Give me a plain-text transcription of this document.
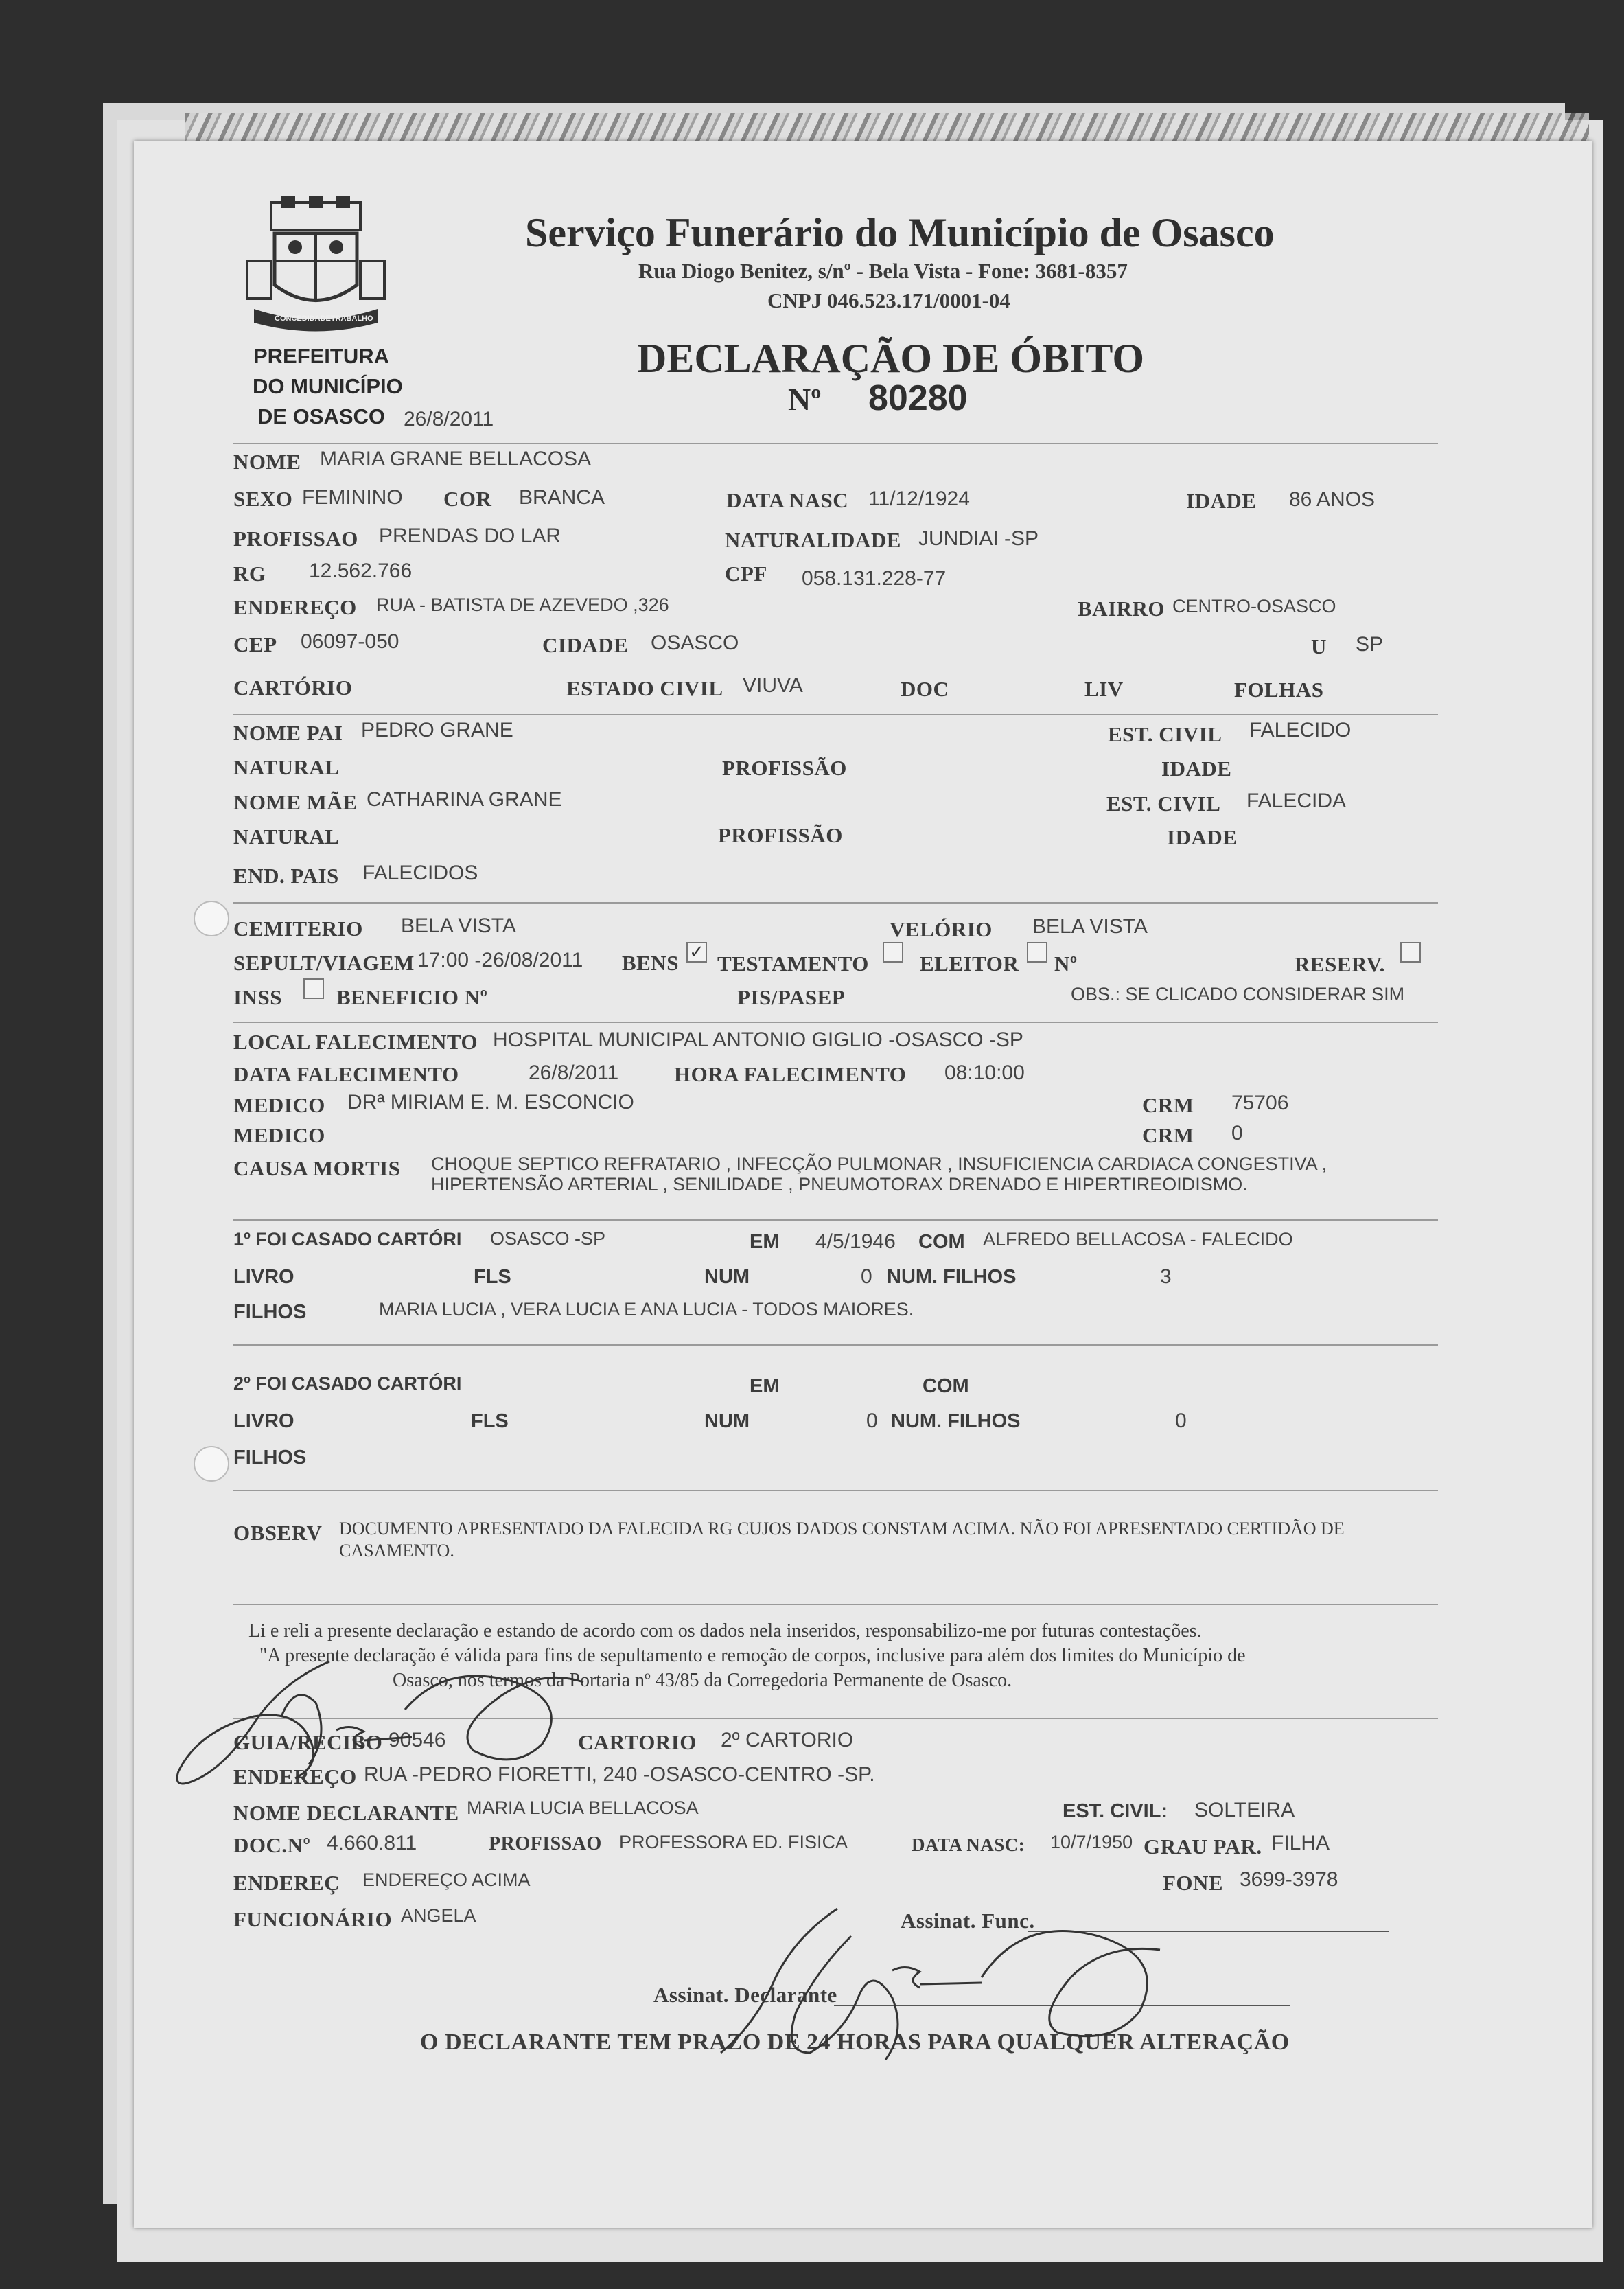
CONCEDIDADETRABALHO
PREFEITURA
DO MUNICÍPIO
DE OSASCO 26/8/2011
Serviço Funerário do Município de Osasco
Rua Diogo Benitez, s/nº - Bela Vista - Fone: 3681-8357
CNPJ 046.523.171/0001-04
DECLARAÇÃO DE ÓBITO
Nº 80280
NOME MARIA GRANE BELLACOSA
SEXO FEMININO COR BRANCA	DATA NASC 11/12/1924	IDADE 86 ANOS
PROFISSAO PRENDAS DO LAR	NATURALIDADE JUNDIAI -SP
RG 12.562.766	CPF 058.131.228-77
ENDEREÇO RUA - BATISTA DE AZEVEDO ,326	BAIRRO CENTRO-OSASCO
CEP 06097-050	CIDADE OSASCO	U SP
CARTÓRIO	ESTADO CIVIL VIUVA	DOC	LIV	FOLHAS
NOME PAI PEDRO GRANE	EST. CIVIL FALECIDO
NATURAL	PROFISSÃO	IDADE
NOME MÃE CATHARINA GRANE	EST. CIVIL FALECIDA
NATURAL	PROFISSÃO	IDADE
END. PAIS FALECIDOS
CEMITERIO BELA VISTA	VELÓRIO BELA VISTA
SEPULT/VIAGEM 17:00 -26/08/2011 BENS ✓ TESTAMENTO ELEITOR Nº	RESERV.
INSS	BENEFICIO Nº	PIS/PASEP	OBS.: SE CLICADO CONSIDERAR SIM
LOCAL FALECIMENTO HOSPITAL MUNICIPAL ANTONIO GIGLIO -OSASCO -SP
DATA FALECIMENTO	26/8/2011	HORA FALECIMENTO 08:10:00
MEDICO DRª MIRIAM E. M. ESCONCIO	CRM 75706
MEDICO	CRM 0
CAUSA MORTIS CHOQUE SEPTICO REFRATARIO , INFECÇÃO PULMONAR , INSUFICIENCIA CARDIACA CONGESTIVA ,
HIPERTENSÃO ARTERIAL , SENILIDADE , PNEUMOTORAX DRENADO E HIPERTIREOIDISMO.
1º FOI CASADO CARTÓRI OSASCO -SP	EM 4/5/1946 COM ALFREDO BELLACOSA - FALECIDO
LIVRO	FLS	NUM	0 NUM. FILHOS	3
FILHOS	MARIA LUCIA , VERA LUCIA E ANA LUCIA - TODOS MAIORES.
2º FOI CASADO CARTÓRI	EM	COM
LIVRO	FLS	NUM	0 NUM. FILHOS	0
FILHOS
OBSERV DOCUMENTO APRESENTADO DA FALECIDA RG CUJOS DADOS CONSTAM ACIMA. NÃO FOI APRESENTADO CERTIDÃO DE
CASAMENTO.
Li e reli a presente declaração e estando de acordo com os dados nela inseridos, responsabilizo-me por futuras contestações.
"A presente declaração é válida para fins de sepultamento e remoção de corpos, inclusive para além dos limites do Município de
Osasco, nos termos da Portaria nº 43/85 da Corregedoria Permanente de Osasco.
GUIA/RECIBO 90546	CARTORIO 2º CARTORIO
ENDEREÇO RUA -PEDRO FIORETTI, 240 -OSASCO-CENTRO -SP.
NOME DECLARANTE MARIA LUCIA BELLACOSA	EST. CIVIL: SOLTEIRA
DOC.Nº 4.660.811	PROFISSAO PROFESSORA ED. FISICA	DATA NASC: 10/7/1950 GRAU PAR. FILHA
ENDEREÇ ENDEREÇO ACIMA	FONE 3699-3978
FUNCIONÁRIO ANGELA	Assinat. Func.
Assinat. Declarante
O DECLARANTE TEM PRAZO DE 24 HORAS PARA QUALQUER ALTERAÇÃO
